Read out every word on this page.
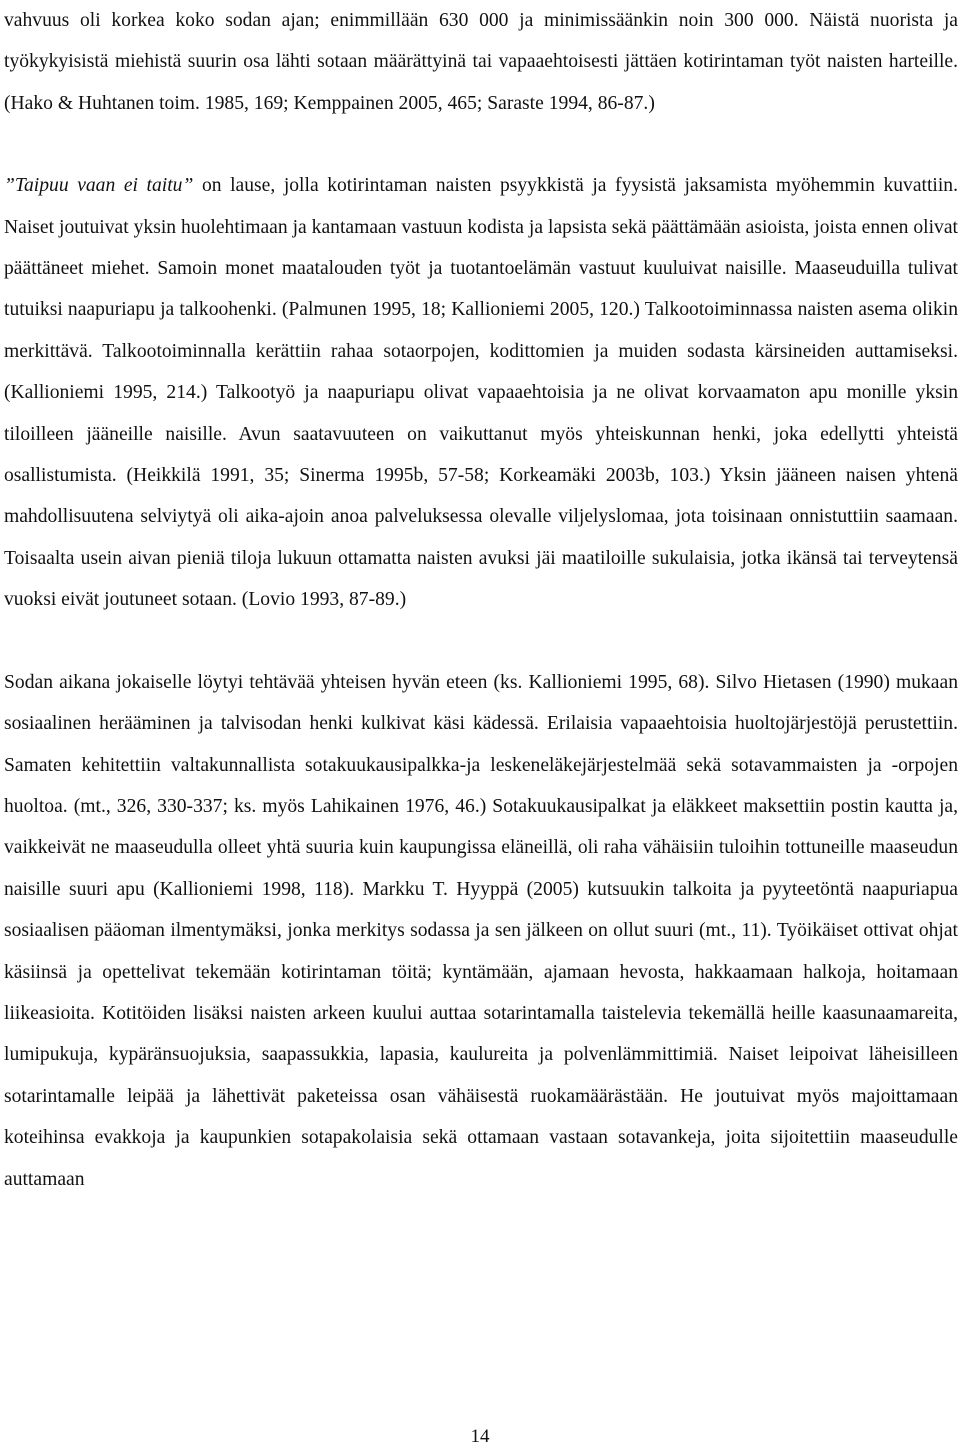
vahvuus oli korkea koko sodan ajan; enimmillään 630 000 ja minimissäänkin noin 300 000. Näistä nuorista ja työkykyisistä miehistä suurin osa lähti sotaan määrättyinä tai vapaaehtoisesti jättäen kotirintaman työt naisten harteille. (Hako & Huhtanen toim. 1985, 169; Kemppainen 2005, 465; Saraste 1994, 86-87.)

”Taipuu vaan ei taitu” on lause, jolla kotirintaman naisten psyykkistä ja fyysistä jaksamista myöhemmin kuvattiin. Naiset joutuivat yksin huolehtimaan ja kantamaan vastuun kodista ja lapsista sekä päättämään asioista, joista ennen olivat päättäneet miehet. Samoin monet maatalouden työt ja tuotantoelämän vastuut kuuluivat naisille. Maaseuduilla tulivat tutuiksi naapuriapu ja talkoohenki. (Palmunen 1995, 18; Kallioniemi 2005, 120.) Talkootoiminnassa naisten asema olikin merkittävä. Talkootoiminnalla kerättiin rahaa sotaorpojen, kodittomien ja muiden sodasta kärsineiden auttamiseksi. (Kallioniemi 1995, 214.) Talkootyö ja naapuriapu olivat vapaaehtoisia ja ne olivat korvaamaton apu monille yksin tiloilleen jääneille naisille. Avun saatavuuteen on vaikuttanut myös yhteiskunnan henki, joka edellytti yhteistä osallistumista. (Heikkilä 1991, 35; Sinerma 1995b, 57-58; Korkeamäki 2003b, 103.) Yksin jääneen naisen yhtenä mahdollisuutena selviytyä oli aika-ajoin anoa palveluksessa olevalle viljelyslomaa, jota toisinaan onnistuttiin saamaan. Toisaalta usein aivan pieniä tiloja lukuun ottamatta naisten avuksi jäi maatiloille sukulaisia, jotka ikänsä tai terveytensä vuoksi eivät joutuneet sotaan. (Lovio 1993, 87-89.)

Sodan aikana jokaiselle löytyi tehtävää yhteisen hyvän eteen (ks. Kallioniemi 1995, 68). Silvo Hietasen (1990) mukaan sosiaalinen herääminen ja talvisodan henki kulkivat käsi kädessä. Erilaisia vapaaehtoisia huoltojärjestöjä perustettiin. Samaten kehitettiin valtakunnallista sotakuukausipalkka-ja leskeneläkejärjestelmää sekä sotavammaisten ja -orpojen huoltoa. (mt., 326, 330-337; ks. myös Lahikainen 1976, 46.) Sotakuukausipalkat ja eläkkeet maksettiin postin kautta ja, vaikkeivät ne maaseudulla olleet yhtä suuria kuin kaupungissa eläneillä, oli raha vähäisiin tuloihin tottuneille maaseudun naisille suuri apu (Kallioniemi 1998, 118). Markku T. Hyyppä (2005) kutsuukin talkoita ja pyyteetöntä naapuriapua sosiaalisen pääoman ilmentymäksi, jonka merkitys sodassa ja sen jälkeen on ollut suuri (mt., 11). Työikäiset ottivat ohjat käsiinsä ja opettelivat tekemään kotirintaman töitä; kyntämään, ajamaan hevosta, hakkaamaan halkoja, hoitamaan liikeasioita. Kotitöiden lisäksi naisten arkeen kuului auttaa sotarintamalla taistelevia tekemällä heille kaasunaamareita, lumipukuja, kypäränsuojuksia, saapassukkia, lapasia, kaulureita ja polvenlämmittimiä. Naiset leipoivat läheisilleen sotarintamalle leipää ja lähettivät paketeissa osan vähäisestä ruokamäärästään. He joutuivat myös majoittamaan koteihinsa evakkoja ja kaupunkien sotapakolaisia sekä ottamaan vastaan sotavankeja, joita sijoitettiin maaseudulle auttamaan

14
